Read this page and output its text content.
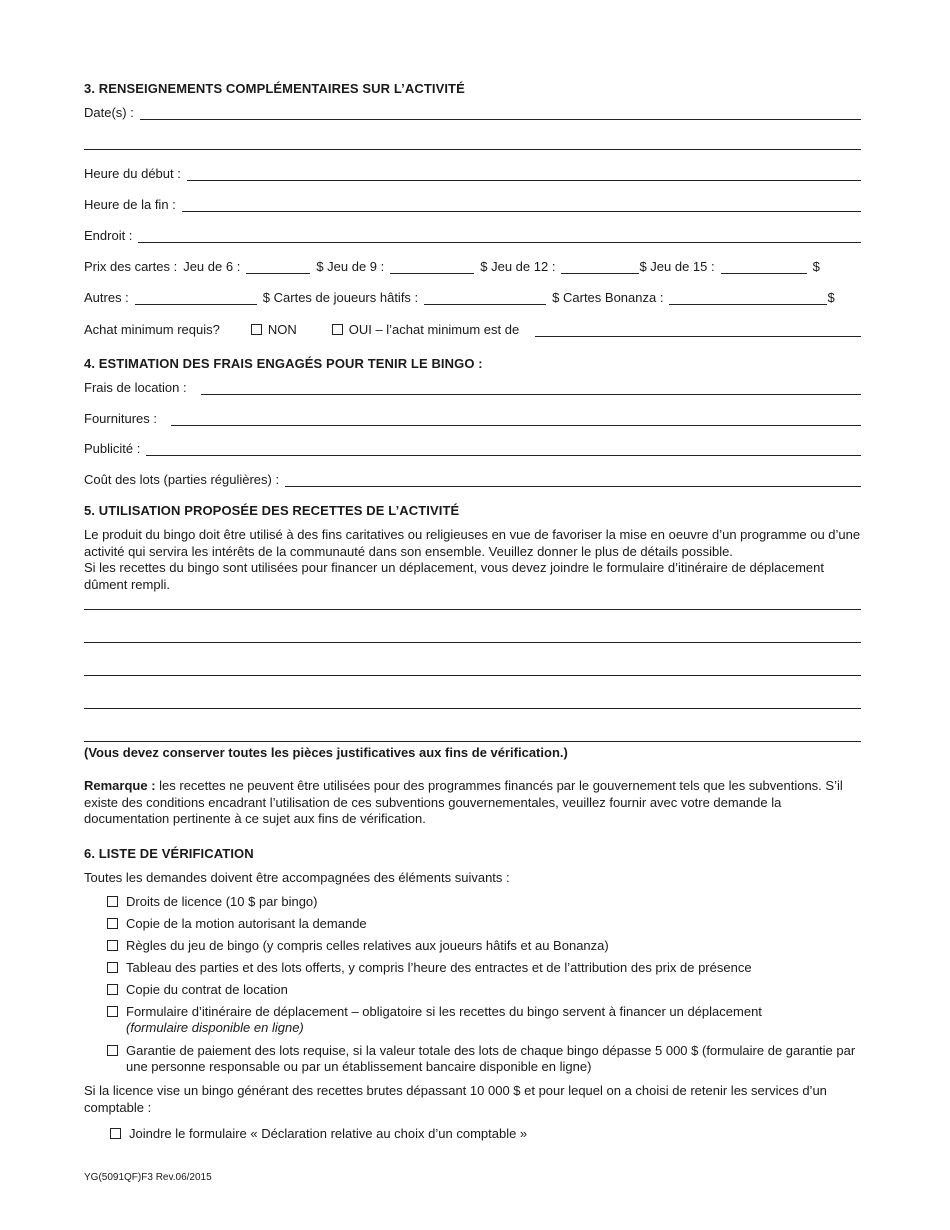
3. RENSEIGNEMENTS COMPLÉMENTAIRES SUR L’ACTIVITÉ
Date(s) :
Heure du début :
Heure de la fin :
Endroit :
Prix des cartes : Jeu de 6 :	$ Jeu de 9 :	$ Jeu de 12 :	$ Jeu de 15 :	$
Autres :	$ Cartes de joueurs hâtifs :	$ Cartes Bonanza :	$
Achat minimum requis?	NON	OUI – l’achat minimum est de
4. ESTIMATION DES FRAIS ENGAGÉS POUR TENIR LE BINGO :
Frais de location :
Fournitures :
Publicité :
Coût des lots (parties régulières) :
5. UTILISATION PROPOSÉE DES RECETTES DE L’ACTIVITÉ
Le produit du bingo doit être utilisé à des fins caritatives ou religieuses en vue de favoriser la mise en oeuvre d’un programme ou d’une activité qui servira les intérêts de la communauté dans son ensemble. Veuillez donner le plus de détails possible.
Si les recettes du bingo sont utilisées pour financer un déplacement, vous devez joindre le formulaire d’itinéraire de déplacement dûment rempli.
(Vous devez conserver toutes les pièces justificatives aux fins de vérification.)
Remarque : les recettes ne peuvent être utilisées pour des programmes financés par le gouvernement tels que les subventions. S’il existe des conditions encadrant l’utilisation de ces subventions gouvernementales, veuillez fournir avec votre demande la documentation pertinente à ce sujet aux fins de vérification.
6. LISTE DE VÉRIFICATION
Toutes les demandes doivent être accompagnées des éléments suivants :
Droits de licence (10 $ par bingo)
Copie de la motion autorisant la demande
Règles du jeu de bingo (y compris celles relatives aux joueurs hâtifs et au Bonanza)
Tableau des parties et des lots offerts, y compris l’heure des entractes et de l’attribution des prix de présence
Copie du contrat de location
Formulaire d’itinéraire de déplacement – obligatoire si les recettes du bingo servent à financer un déplacement
(formulaire disponible en ligne)
Garantie de paiement des lots requise, si la valeur totale des lots de chaque bingo dépasse 5 000 $ (formulaire de garantie par une personne responsable ou par un établissement bancaire disponible en ligne)
Si la licence vise un bingo générant des recettes brutes dépassant 10 000 $ et pour lequel on a choisi de retenir les services d’un comptable :
Joindre le formulaire « Déclaration relative au choix d’un comptable »
YG(5091QF)F3 Rev.06/2015
